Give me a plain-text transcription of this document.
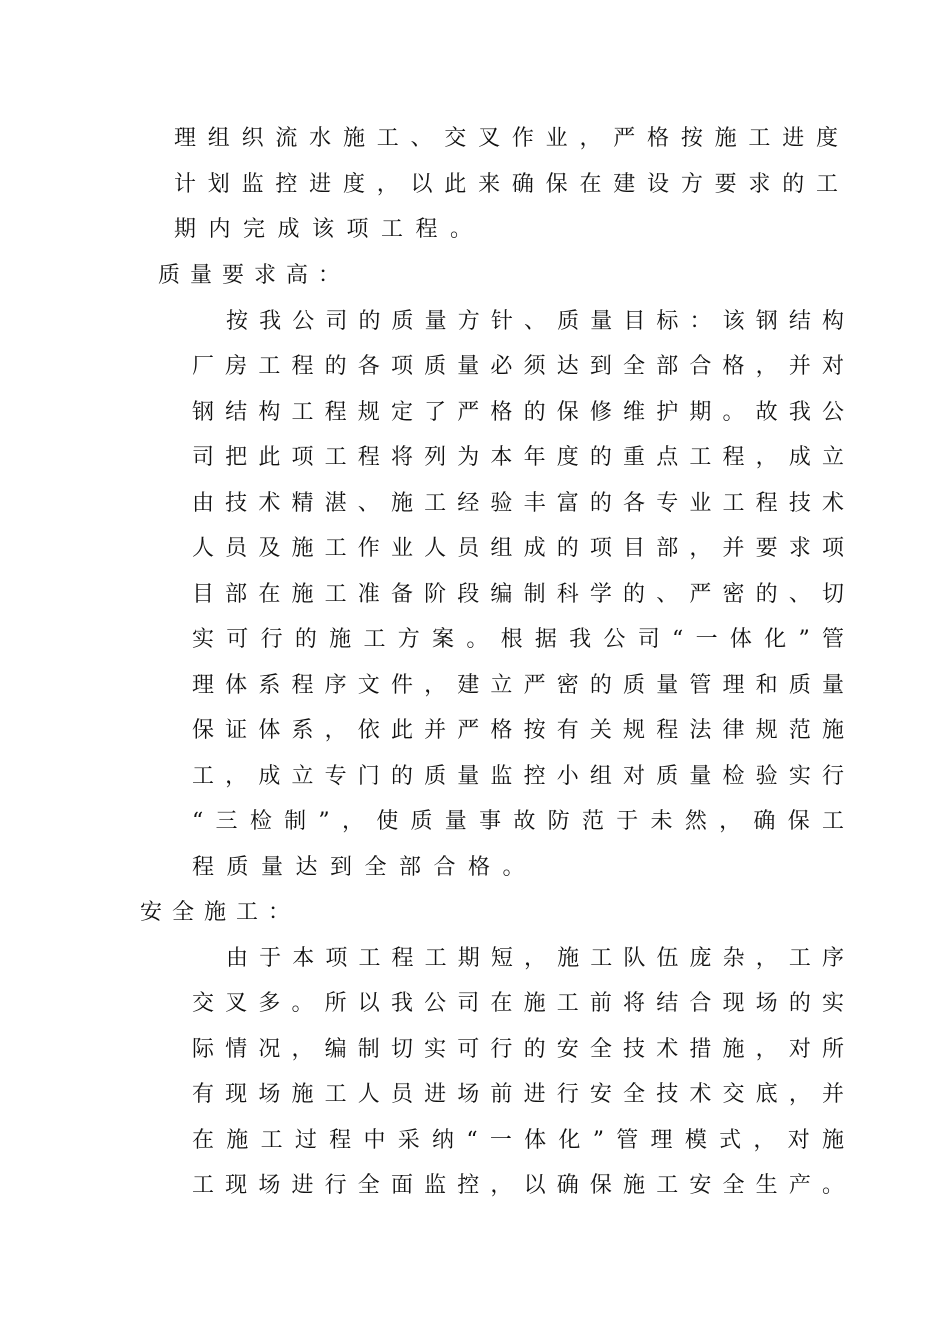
理组织流水施工、交叉作业，严格按施工进度
计划监控进度，以此来确保在建设方要求的工
期内完成该项工程。
质量要求高：
按我公司的质量方针、质量目标：该钢结构
厂房工程的各项质量必须达到全部合格，并对
钢结构工程规定了严格的保修维护期。故我公
司把此项工程将列为本年度的重点工程，成立
由技术精湛、施工经验丰富的各专业工程技术
人员及施工作业人员组成的项目部，并要求项
目部在施工准备阶段编制科学的、严密的、切
实可行的施工方案。根据我公司“一体化”管
理体系程序文件，建立严密的质量管理和质量
保证体系，依此并严格按有关规程法律规范施
工，成立专门的质量监控小组对质量检验实行
“三检制”，使质量事故防范于未然，确保工
程质量达到全部合格。
安全施工：
由于本项工程工期短，施工队伍庞杂，工序
交叉多。所以我公司在施工前将结合现场的实
际情况，编制切实可行的安全技术措施，对所
有现场施工人员进场前进行安全技术交底，并
在施工过程中采纳“一体化”管理模式，对施
工现场进行全面监控，以确保施工安全生产。
